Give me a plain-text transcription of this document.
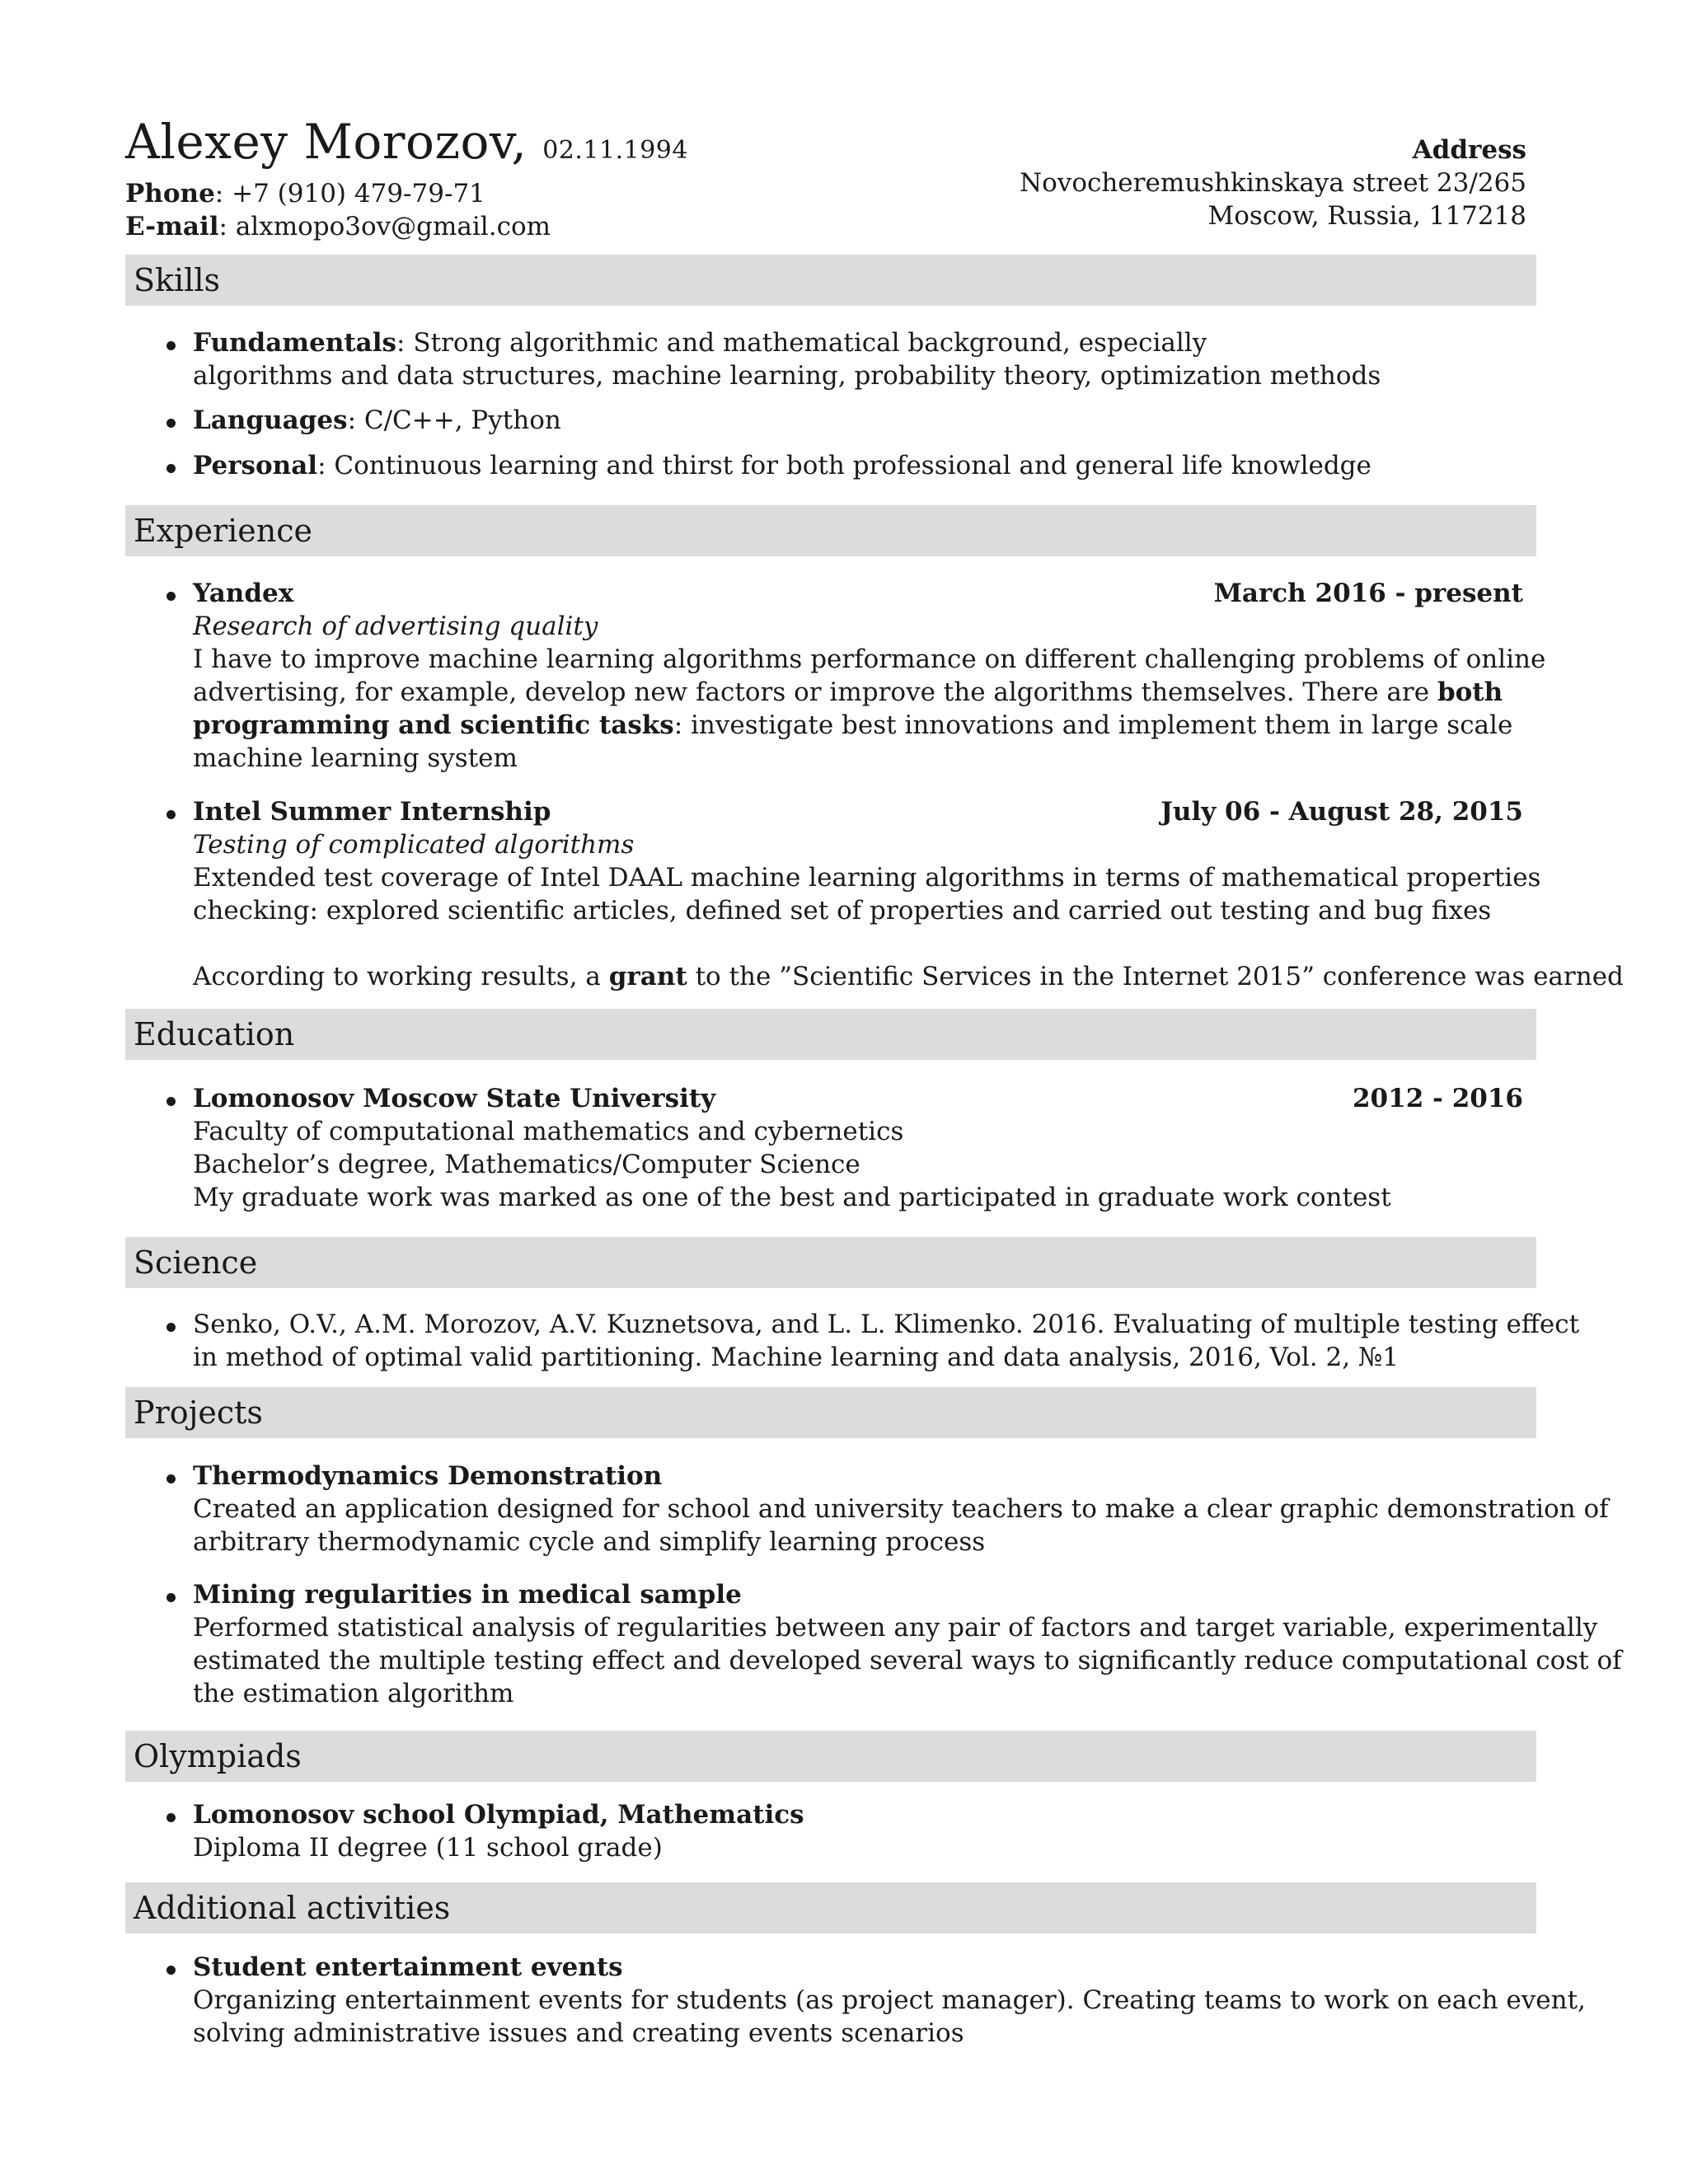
Alexey Morozov, 02.11.1994
Phone: +7 (910) 479-79-71
E-mail: alxmopo3ov@gmail.com
Address
Novocheremushkinskaya street 23/265
Moscow, Russia, 117218
Skills
Fundamentals: Strong algorithmic and mathematical background, especially
algorithms and data structures, machine learning, probability theory, optimization methods
Languages: C/C++, Python
Personal: Continuous learning and thirst for both professional and general life knowledge
Experience
Yandex	March 2016 - present
Research of advertising quality
I have to improve machine learning algorithms performance on different challenging problems of online
advertising, for example, develop new factors or improve the algorithms themselves. There are both
programming and scientific tasks: investigate best innovations and implement them in large scale
machine learning system
Intel Summer Internship	July 06 - August 28, 2015
Testing of complicated algorithms
Extended test coverage of Intel DAAL machine learning algorithms in terms of mathematical properties
checking: explored scientific articles, defined set of properties and carried out testing and bug fixes
According to working results, a grant to the ”Scientific Services in the Internet 2015” conference was earned
Education
Lomonosov Moscow State University	2012 - 2016
Faculty of computational mathematics and cybernetics
Bachelor’s degree, Mathematics/Computer Science
My graduate work was marked as one of the best and participated in graduate work contest
Science
Senko, O.V., A.M. Morozov, A.V. Kuznetsova, and L. L. Klimenko. 2016. Evaluating of multiple testing effect
in method of optimal valid partitioning. Machine learning and data analysis, 2016, Vol. 2, №1
Projects
Thermodynamics Demonstration
Created an application designed for school and university teachers to make a clear graphic demonstration of
arbitrary thermodynamic cycle and simplify learning process
Mining regularities in medical sample
Performed statistical analysis of regularities between any pair of factors and target variable, experimentally
estimated the multiple testing effect and developed several ways to significantly reduce computational cost of
the estimation algorithm
Olympiads
Lomonosov school Olympiad, Mathematics
Diploma II degree (11 school grade)
Additional activities
Student entertainment events
Organizing entertainment events for students (as project manager). Creating teams to work on each event,
solving administrative issues and creating events scenarios
